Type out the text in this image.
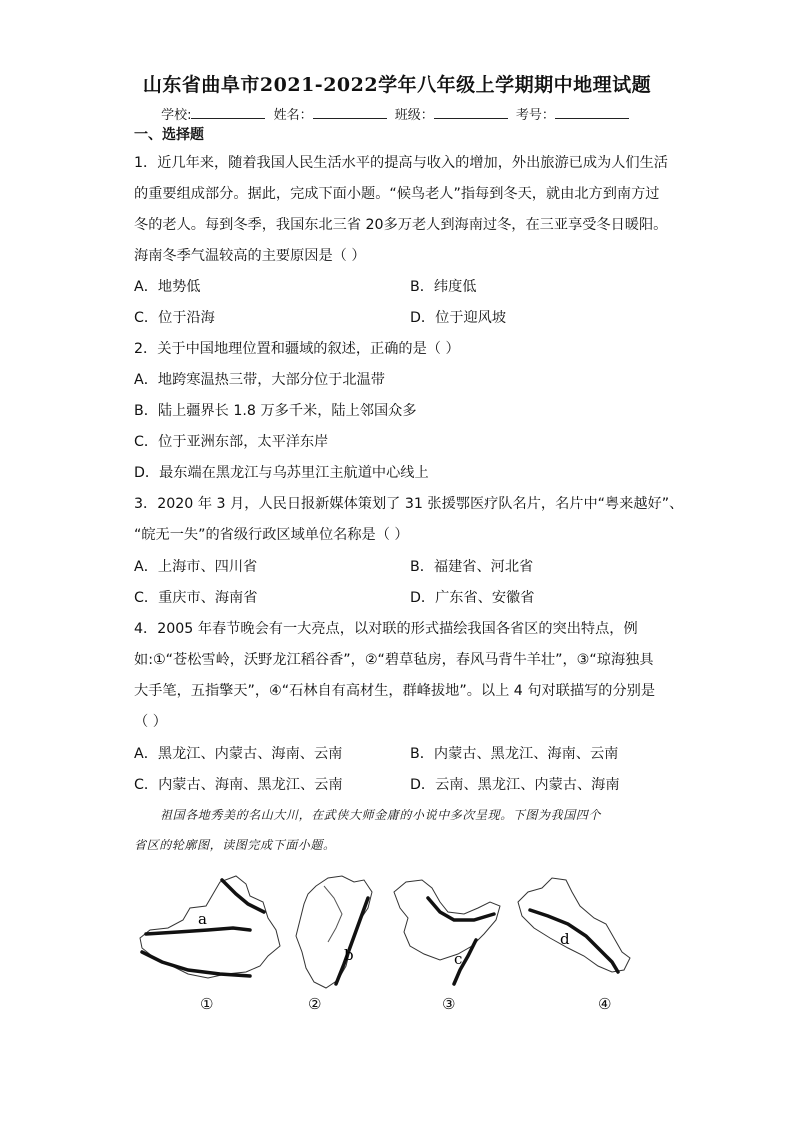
山东省曲阜市2021-2022学年八年级上学期期中地理试题
学校:	姓名：	班级：	考号：
一、选择题
1．近几年来，随着我国人民生活水平的提高与收入的增加，外出旅游已成为人们生活
的重要组成部分。据此，完成下面小题。“候鸟老人”指每到冬天，就由北方到南方过
冬的老人。每到冬季，我国东北三省 20多万老人到海南过冬，在三亚享受冬日暖阳。
海南冬季气温较高的主要原因是（ ）
A．地势低	B．纬度低
C．位于沿海	D．位于迎风坡
2．关于中国地理位置和疆域的叙述，正确的是（ ）
A．地跨寒温热三带，大部分位于北温带
B．陆上疆界长 1.8 万多千米，陆上邻国众多
C．位于亚洲东部，太平洋东岸
D．最东端在黑龙江与乌苏里江主航道中心线上
3．2020 年 3 月，人民日报新媒体策划了 31 张援鄂医疗队名片，名片中“粤来越好”、
“皖无一失”的省级行政区域单位名称是（ ）
A．上海市、四川省	B．福建省、河北省
C．重庆市、海南省	D．广东省、安徽省
4．2005 年春节晚会有一大亮点，以对联的形式描绘我国各省区的突出特点，例
如:①“苍松雪岭，沃野龙江稻谷香”，②“碧草毡房，春风马背牛羊壮”，③“琼海独具
大手笔，五指擎天”，④“石林自有高材生，群峰拔地”。以上 4 句对联描写的分别是
（ ）
A．黑龙江、内蒙古、海南、云南	B．内蒙古、黑龙江、海南、云南
C．内蒙古、海南、黑龙江、云南	D．云南、黑龙江、内蒙古、海南
祖国各地秀美的名山大川，在武侠大师金庸的小说中多次呈现。下图为我国四个
省区的轮廓图，读图完成下面小题。
a
b	c
d
①	②	③	④
